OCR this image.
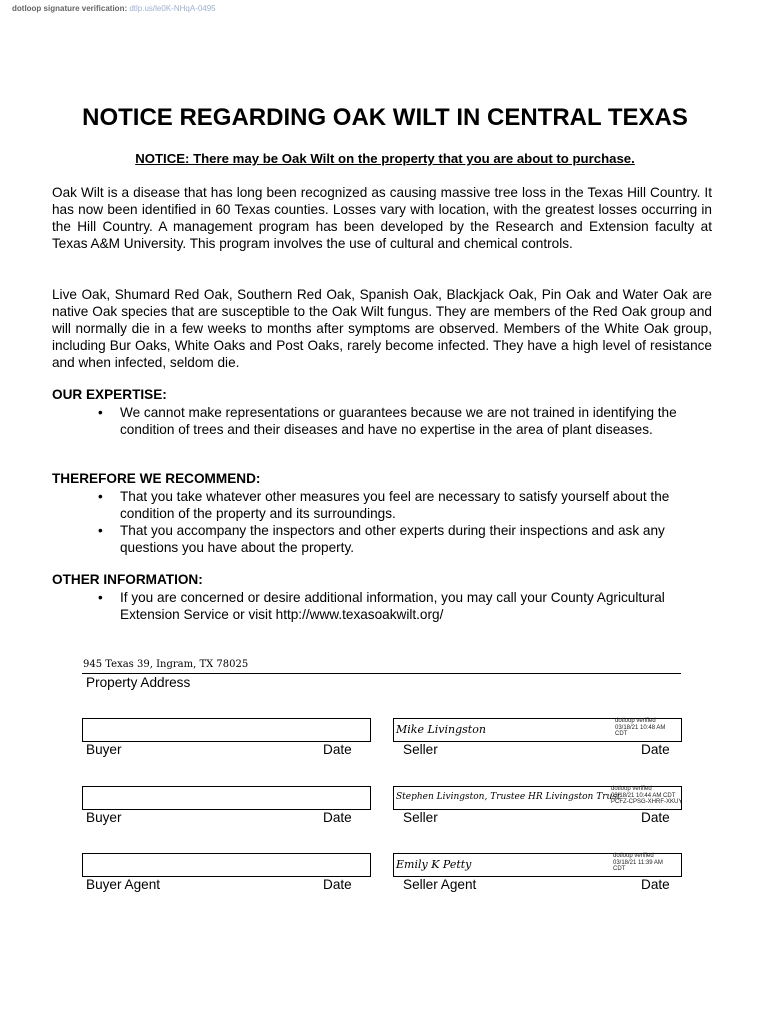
dotloop signature verification: dtlp.us/le0K-NHqA-0495
NOTICE REGARDING OAK WILT IN CENTRAL TEXAS
NOTICE: There may be Oak Wilt on the property that you are about to purchase.
Oak Wilt is a disease that has long been recognized as causing massive tree loss in the Texas Hill Country. It has now been identified in 60 Texas counties. Losses vary with location, with the greatest losses occurring in the Hill Country. A management program has been developed by the Research and Extension faculty at Texas A&M University. This program involves the use of cultural and chemical controls.
Live Oak, Shumard Red Oak, Southern Red Oak, Spanish Oak, Blackjack Oak, Pin Oak and Water Oak are native Oak species that are susceptible to the Oak Wilt fungus. They are members of the Red Oak group and will normally die in a few weeks to months after symptoms are observed. Members of the White Oak group, including Bur Oaks, White Oaks and Post Oaks, rarely become infected. They have a high level of resistance and when infected, seldom die.
OUR EXPERTISE:
• We cannot make representations or guarantees because we are not trained in identifying the condition of trees and their diseases and have no expertise in the area of plant diseases.
THEREFORE WE RECOMMEND:
• That you take whatever other measures you feel are necessary to satisfy yourself about the condition of the property and its surroundings.
• That you accompany the inspectors and other experts during their inspections and ask any questions you have about the property.
OTHER INFORMATION:
• If you are concerned or desire additional information, you may call your County Agricultural Extension Service or visit http://www.texasoakwilt.org/
945 Texas 39, Ingram, TX 78025
Property Address
Buyer	Date
Mike Livingston
dotloop verified
03/18/21 10:48 AM
CDT
Seller	Date
Buyer	Date
Stephen Livingston, Trustee HR Livingston Trust
dotloop verified
03/18/21 10:44 AM CDT
PCFZ-CPSG-XHRF-XKUY
Seller	Date
Buyer Agent	Date
Emily K Petty
dotloop verified
03/18/21 11:39 AM
CDT
Seller Agent	Date
